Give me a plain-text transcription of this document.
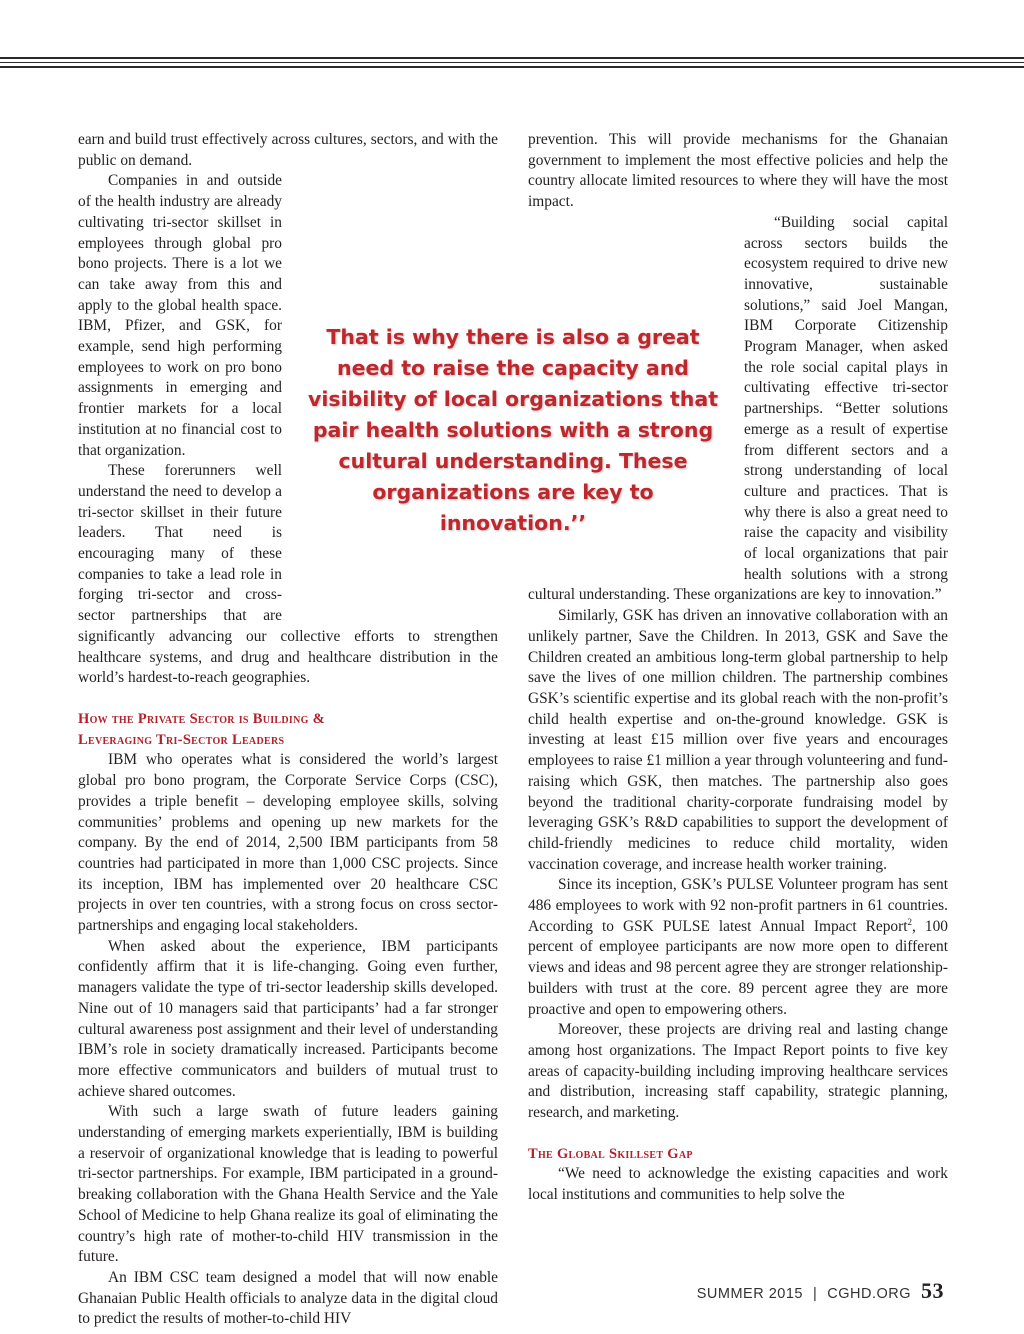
earn and build trust effectively across cultures, sectors, and with the public on demand.

Companies in and outside of the health industry are already cultivating tri-sector skillset in employees through global pro bono projects. There is a lot we can take away from this and apply to the global health space. IBM, Pfizer, and GSK, for example, send high performing employees to work on pro bono assignments in emerging and frontier markets for a local institution at no financial cost to that organization.

These forerunners well understand the need to develop a tri-sector skillset in their future leaders. That need is encouraging many of these companies to take a lead role in forging tri-sector and cross-sector partnerships that are significantly advancing our collective efforts to strengthen healthcare systems, and drug and healthcare distribution in the world’s hardest-to-reach geographies.

How the Private Sector is Building &
Leveraging Tri-Sector Leaders

IBM who operates what is considered the world’s largest global pro bono program, the Corporate Service Corps (CSC), provides a triple benefit – developing employee skills, solving communities’ problems and opening up new markets for the company. By the end of 2014, 2,500 IBM participants from 58 countries had participated in more than 1,000 CSC projects. Since its inception, IBM has implemented over 20 healthcare CSC projects in over ten countries, with a strong focus on cross sector-partnerships and engaging local stakeholders.

When asked about the experience, IBM participants confidently affirm that it is life-changing. Going even further, managers validate the type of tri-sector leadership skills developed. Nine out of 10 managers said that participants’ had a far stronger cultural awareness post assignment and their level of understanding IBM’s role in society dramatically increased. Participants become more effective communicators and builders of mutual trust to achieve shared outcomes.

With such a large swath of future leaders gaining understanding of emerging markets experientially, IBM is building a reservoir of organizational knowledge that is leading to powerful tri-sector partnerships. For example, IBM participated in a ground-breaking collaboration with the Ghana Health Service and the Yale School of Medicine to help Ghana realize its goal of eliminating the country’s high rate of mother-to-child HIV transmission in the future.

An IBM CSC team designed a model that will now enable Ghanaian Public Health officials to analyze data in the digital cloud to predict the results of mother-to-child HIV

prevention. This will provide mechanisms for the Ghanaian government to implement the most effective policies and help the country allocate limited resources to where they will have the most impact.

“Building social capital across sectors builds the ecosystem required to drive new innovative, sustainable solutions,” said Joel Mangan, IBM Corporate Citizenship Program Manager, when asked the role social capital plays in cultivating effective tri-sector partnerships. “Better solutions emerge as a result of expertise from different sectors and a strong understanding of local culture and practices. That is why there is also a great need to raise the capacity and visibility of local organizations that pair health solutions with a strong cultural understanding. These organizations are key to innovation.”

Similarly, GSK has driven an innovative collaboration with an unlikely partner, Save the Children. In 2013, GSK and Save the Children created an ambitious long-term global partnership to help save the lives of one million children. The partnership combines GSK’s scientific expertise and its global reach with the non-profit’s child health expertise and on-the-ground knowledge. GSK is investing at least £15 million over five years and encourages employees to raise £1 million a year through volunteering and fund-raising which GSK, then matches. The partnership also goes beyond the traditional charity-corporate fundraising model by leveraging GSK’s R&D capabilities to support the development of child-friendly medicines to reduce child mortality, widen vaccination coverage, and increase health worker training.

Since its inception, GSK’s PULSE Volunteer program has sent 486 employees to work with 92 non-profit partners in 61 countries. According to GSK PULSE latest Annual Impact Report$^2$, 100 percent of employee participants are now more open to different views and ideas and 98 percent agree they are stronger relationship-builders with trust at the core. 89 percent agree they are more proactive and open to empowering others.

Moreover, these projects are driving real and lasting change among host organizations. The Impact Report points to five key areas of capacity-building including improving healthcare services and distribution, increasing staff capability, strategic planning, research, and marketing.

The Global Skillset Gap

“We need to acknowledge the existing capacities and work local institutions and communities to help solve the

That is why there is also a great need to raise the capacity and visibility of local organizations that pair health solutions with a strong cultural understanding. These organizations are key to innovation.’’
SUMMER 2015 | CGHD.ORG 53
